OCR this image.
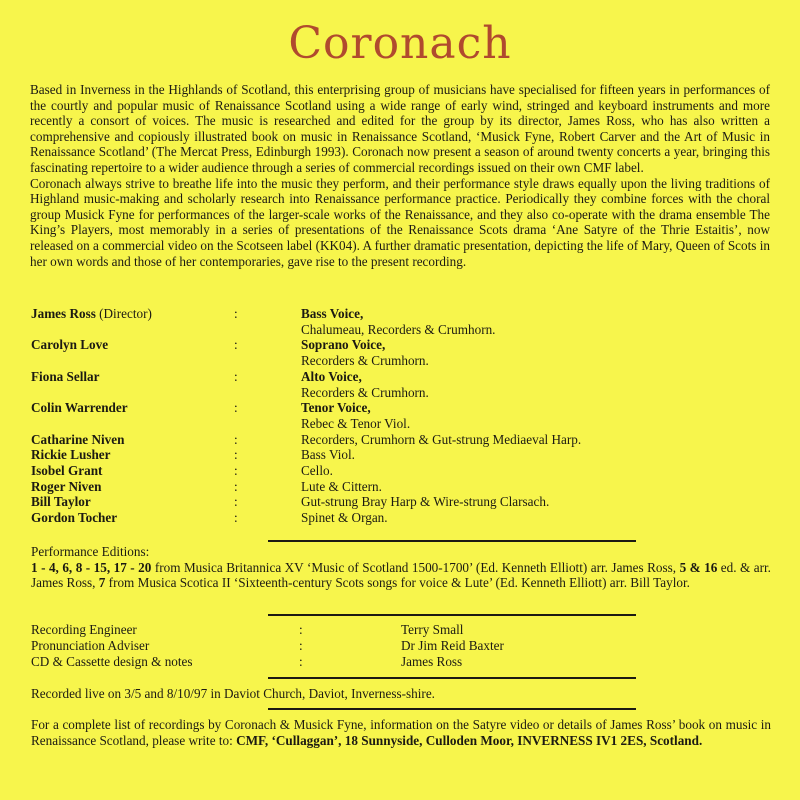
Coronach

Based in Inverness in the Highlands of Scotland, this enterprising group of musicians have specialised for fifteen years in performances of the courtly and popular music of Renaissance Scotland using a wide range of early wind, stringed and keyboard instruments and more recently a consort of voices. The music is researched and edited for the group by its director, James Ross, who has also written a comprehensive and copiously illustrated book on music in Renaissance Scotland, ‘Musick Fyne, Robert Carver and the Art of Music in Renaissance Scotland’ (The Mercat Press, Edinburgh 1993). Coronach now present a season of around twenty concerts a year, bringing this fascinating repertoire to a wider audience through a series of commercial recordings issued on their own CMF label.

Coronach always strive to breathe life into the music they perform, and their performance style draws equally upon the living traditions of Highland music-making and scholarly research into Renaissance performance practice. Periodically they combine forces with the choral group Musick Fyne for performances of the larger-scale works of the Renaissance, and they also co-operate with the drama ensemble The King’s Players, most memorably in a series of presentations of the Renaissance Scots drama ‘Ane Satyre of the Thrie Estaitis’, now released on a commercial video on the Scotseen label (KK04). A further dramatic presentation, depicting the life of Mary, Queen of Scots in her own words and those of her contemporaries, gave rise to the present recording.

James Ross (Director)	:	Bass Voice,
Chalumeau, Recorders & Crumhorn.
Carolyn Love	:	Soprano Voice,
Recorders & Crumhorn.
Fiona Sellar	:	Alto Voice,
Recorders & Crumhorn.
Colin Warrender	:	Tenor Voice,
Rebec & Tenor Viol.
Catharine Niven	:	Recorders, Crumhorn & Gut-strung Mediaeval Harp.
Rickie Lusher	:	Bass Viol.
Isobel Grant	:	Cello.
Roger Niven	:	Lute & Cittern.
Bill Taylor	:	Gut-strung Bray Harp & Wire-strung Clarsach.
Gordon Tocher	:	Spinet & Organ.

Performance Editions:

1 - 4, 6, 8 - 15, 17 - 20 from Musica Britannica XV ‘Music of Scotland 1500-1700’ (Ed. Kenneth Elliott) arr. James Ross, 5 & 16 ed. & arr. James Ross, 7 from Musica Scotica II ‘Sixteenth-century Scots songs for voice & Lute’ (Ed. Kenneth Elliott) arr. Bill Taylor.

Recording Engineer	:	Terry Small
Pronunciation Adviser	:	Dr Jim Reid Baxter
CD & Cassette design & notes	:	James Ross
Recorded live on 3/5 and 8/10/97 in Daviot Church, Daviot, Inverness-shire.

For a complete list of recordings by Coronach & Musick Fyne, information on the Satyre video or details of James Ross’ book on music in Renaissance Scotland, please write to: CMF, ‘Cullaggan’, 18 Sunnyside, Culloden Moor, INVERNESS IV1 2ES, Scotland.
